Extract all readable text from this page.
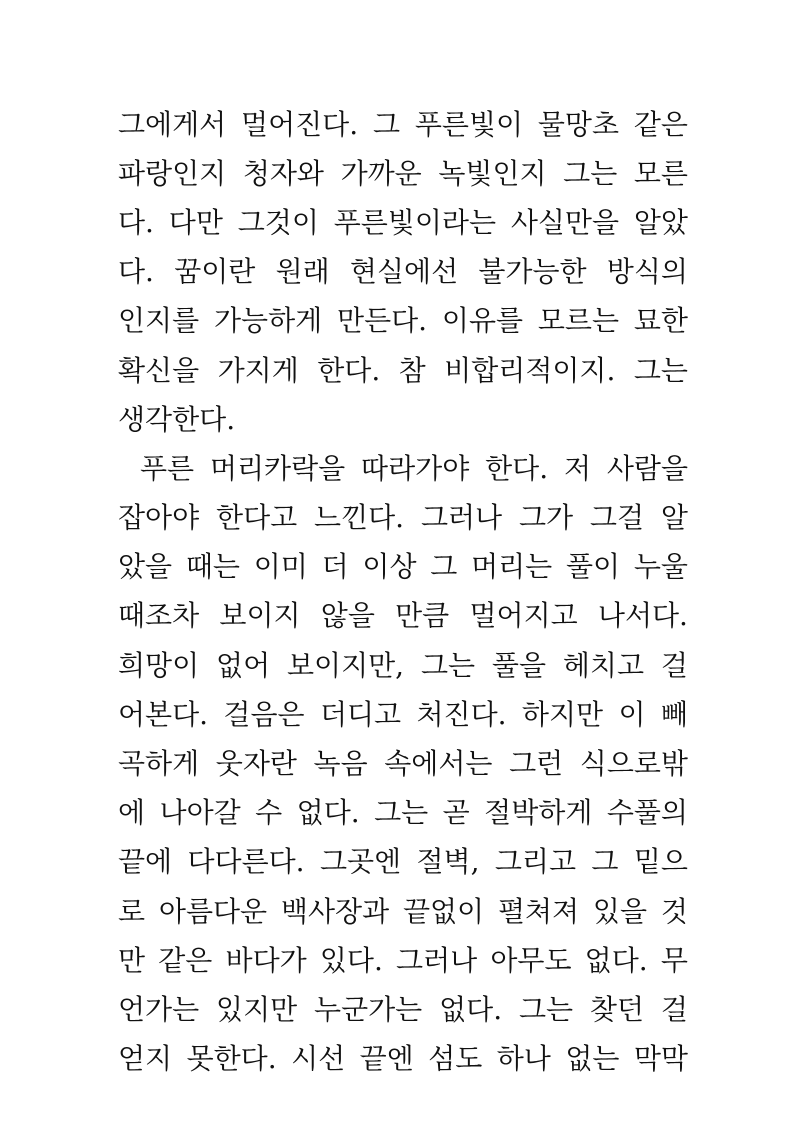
그에게서 멀어진다. 그 푸른빛이 물망초 같은
파랑인지 청자와 가까운 녹빛인지 그는 모른
다. 다만 그것이 푸른빛이라는 사실만을 알았
다. 꿈이란 원래 현실에선 불가능한 방식의
인지를 가능하게 만든다. 이유를 모르는 묘한
확신을 가지게 한다. 참 비합리적이지. 그는
생각한다.
푸른 머리카락을 따라가야 한다. 저 사람을
잡아야 한다고 느낀다. 그러나 그가 그걸 알
았을 때는 이미 더 이상 그 머리는 풀이 누울
때조차 보이지 않을 만큼 멀어지고 나서다.
희망이 없어 보이지만, 그는 풀을 헤치고 걸
어본다. 걸음은 더디고 처진다. 하지만 이 빼
곡하게 웃자란 녹음 속에서는 그런 식으로밖
에 나아갈 수 없다. 그는 곧 절박하게 수풀의
끝에 다다른다. 그곳엔 절벽, 그리고 그 밑으
로 아름다운 백사장과 끝없이 펼쳐져 있을 것
만 같은 바다가 있다. 그러나 아무도 없다. 무
언가는 있지만 누군가는 없다. 그는 찾던 걸
얻지 못한다. 시선 끝엔 섬도 하나 없는 막막
